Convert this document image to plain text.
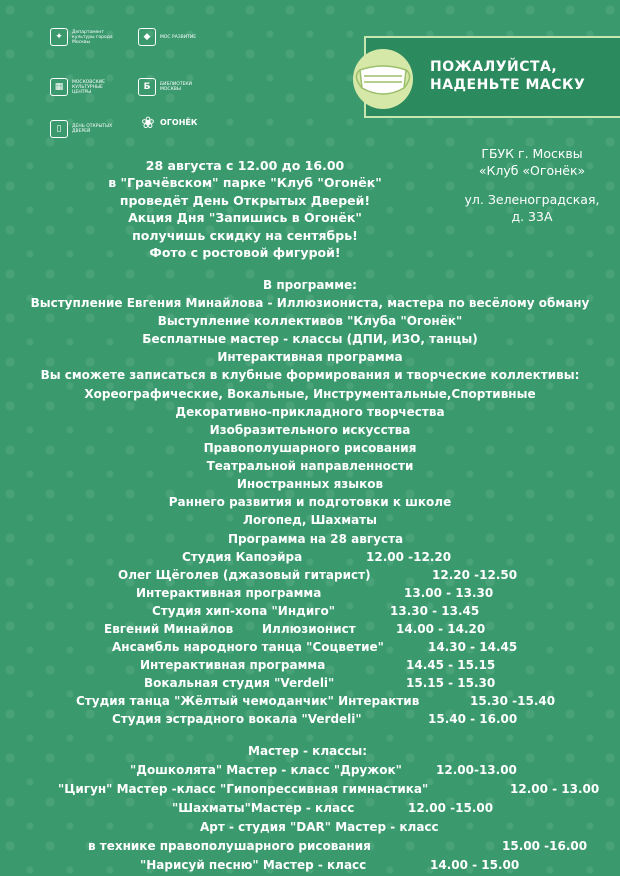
✦	Департамент культуры города Москвы
◆	МОС РАЗВИТИЕ
▦	МОСКОВСКИЕ КУЛЬТУРНЫЕ ЦЕНТРЫ
Б	БИБЛИОТЕКИ МОСКВЫ
▯	ДЕНЬ ОТКРЫТЫХ ДВЕРЕЙ	❀ ОГОНЁК
ПОЖАЛУЙСТА,
НАДЕНЬТЕ МАСКУ
ГБУК г. Москвы
«Клуб «Огонёк»
ул. Зеленоградская,
д. 33А
28 августа с 12.00 до 16.00
в "Грачёвском" парке "Клуб "Огонёк"
проведёт День Открытых Дверей!
Акция Дня "Запишись в Огонёк"
получишь скидку на сентябрь!
Фото с ростовой фигурой!
В программе:
Выступление Евгения Минайлова - Иллюзиониста, мастера по весёлому обману
Выступление коллективов "Клуба "Огонёк"
Бесплатные мастер - классы (ДПИ, ИЗО, танцы)
Интерактивная программа
Вы сможете записаться в клубные формирования и творческие коллективы:
Хореографические, Вокальные, Инструментальные,Спортивные
Декоративно-прикладного творчества
Изобразительного искусства
Правополушарного рисования
Театральной направленности
Иностранных языков
Раннего развития и подготовки к школе
Логопед, Шахматы
Программа на 28 августа
Студия Капоэйра	12.00 -12.20
Олег Щёголев (джазовый гитарист)	12.20 -12.50
Интерактивная программа	13.00 - 13.30
Студия хип-хопа "Индиго"	13.30 - 13.45
Евгений Минайлов Иллюзионист	14.00 - 14.20
Ансамбль народного танца "Соцветие"	14.30 - 14.45
Интерактивная программа	14.45 - 15.15
Вокальная студия "Verdeli"	15.15 - 15.30
Студия танца "Жёлтый чемоданчик" Интерактив	15.30 -15.40
Студия эстрадного вокала "Verdeli"	15.40 - 16.00
Мастер - классы:
"Дошколята" Мастер - класс "Дружок"	12.00-13.00
"Цигун" Мастер -класс "Гипопрессивная гимнастика"	12.00 - 13.00
"Шахматы"Мастер - класс	12.00 -15.00
Арт - студия "DAR" Мастер - класс
в технике правополушарного рисования	15.00 -16.00
"Нарисуй песню" Мастер - класс	14.00 - 15.00
